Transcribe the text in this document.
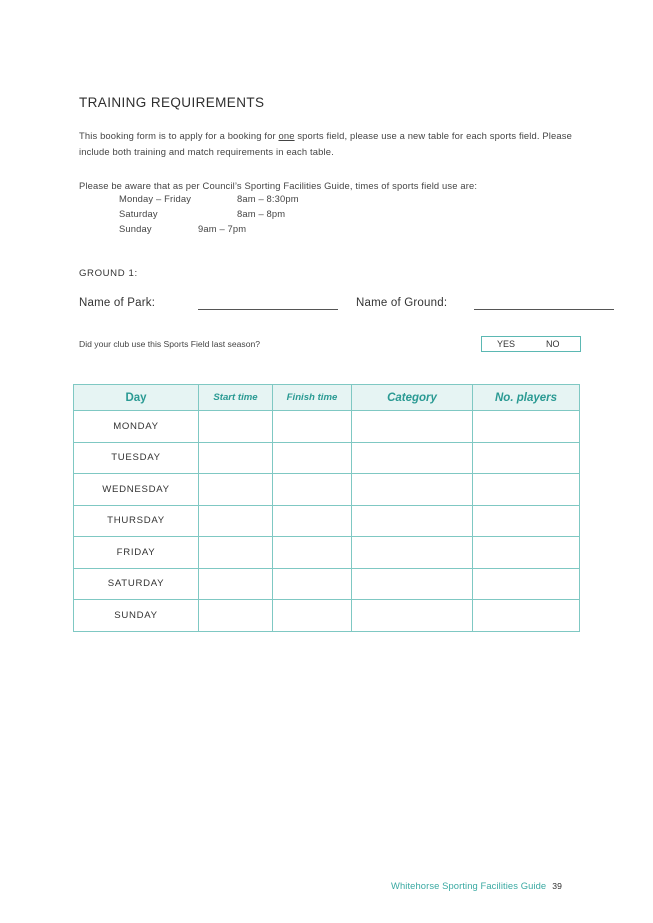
TRAINING REQUIREMENTS
This booking form is to apply for a booking for one sports field, please use a new table for each sports field. Please include both training and match requirements in each table.
Please be aware that as per Council’s Sporting Facilities Guide, times of sports field use are:
Monday – Friday	8am – 8:30pm
Saturday	8am – 8pm
Sunday	9am – 7pm
GROUND 1:
Name of Park:	Name of Ground:
Did your club use this Sports Field last season?	YES	NO
Day	Start time	Finish time	Category	No. players
MONDAY				
TUESDAY				
WEDNESDAY				
THURSDAY				
FRIDAY				
SATURDAY				
SUNDAY				
Whitehorse Sporting Facilities Guide 39
